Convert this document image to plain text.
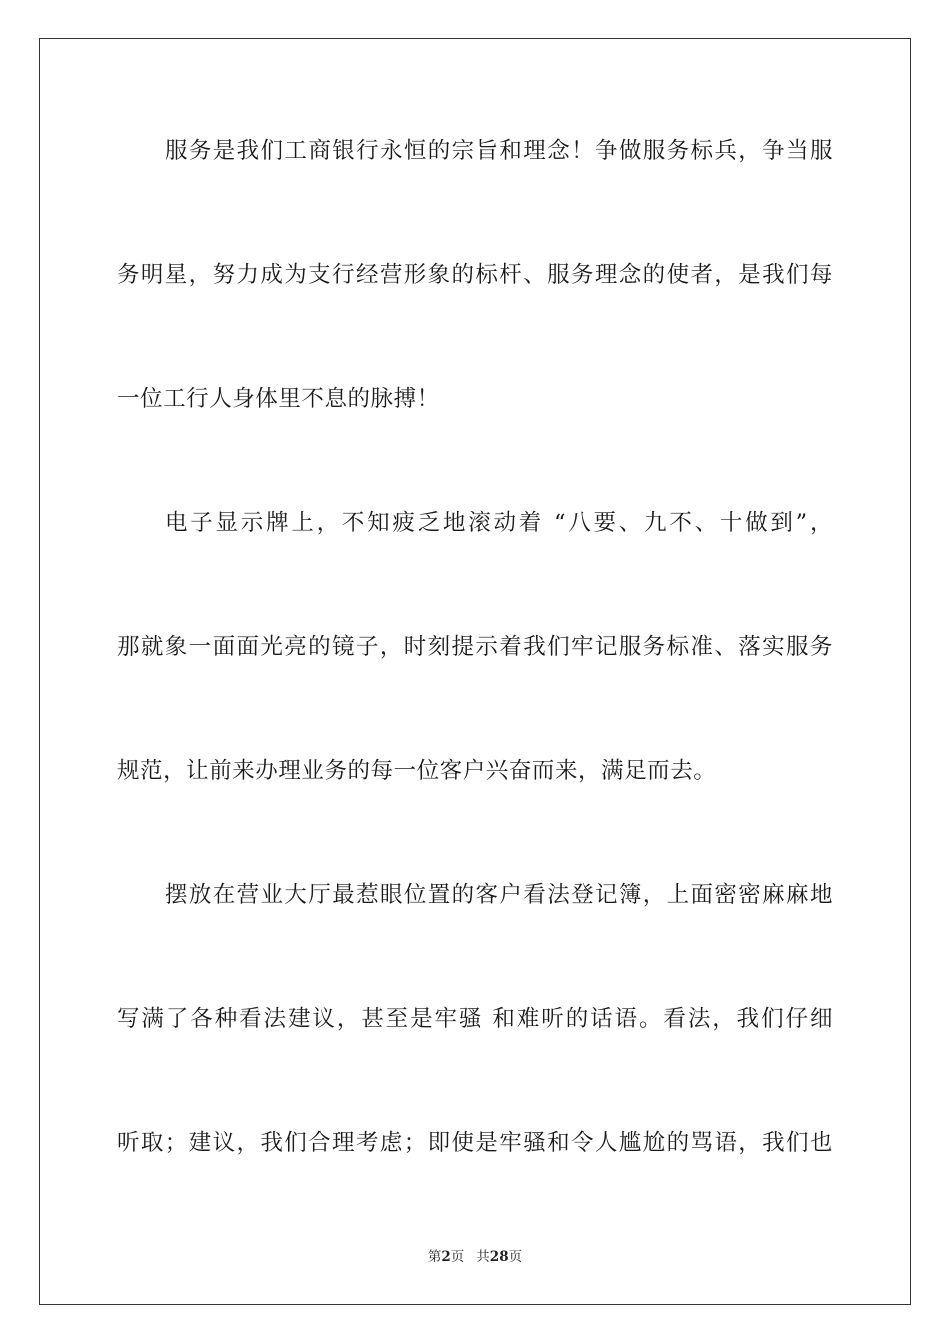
服务是我们工商银行永恒的宗旨和理念！争做服务标兵，争当服

务明星，努力成为支行经营形象的标杆、服务理念的使者，是我们每

一位工行人身体里不息的脉搏！

电子显示牌上，不知疲乏地滚动着 “八要、九不、十做到”，

那就象一面面光亮的镜子，时刻提示着我们牢记服务标准、落实服务

规范，让前来办理业务的每一位客户兴奋而来，满足而去。

摆放在营业大厅最惹眼位置的客户看法登记簿，上面密密麻麻地

写满了各种看法建议，甚至是牢骚 和难听的话语。看法，我们仔细

听取；建议，我们合理考虑；即使是牢骚和令人尴尬的骂语，我们也

第2页 共28页
